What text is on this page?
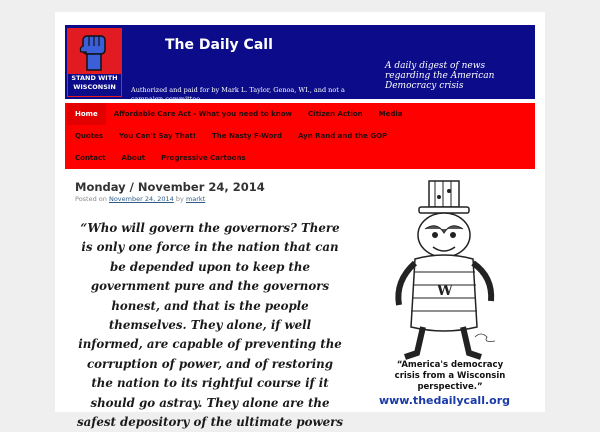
STAND WITH
WISCONSIN
The Daily Call
Authorized and paid for by Mark L. Taylor, Genoa, WI., and not a campaign committee
A daily digest of news regarding the American Democracy crisis
Home	Affordable Care Act - What you need to know	Citizen Action	Media
Quotes	You Can't Say That!	The Nasty F-Word	Ayn Rand and the GOP
Contact	About	Progressive Cartoons
Monday / November 24, 2014
Posted on November 24, 2014 by markt
“Who will govern the governors? There is only one force in the nation that can be depended upon to keep the government pure and the governors honest, and that is the people themselves. They alone, if well informed, are capable of preventing the corruption of power, and of restoring the nation to its rightful course if it should go astray. They alone are the safest depository of the ultimate powers
W
“America's democracy crisis from a Wisconsin perspective.”
www.thedailycall.org
